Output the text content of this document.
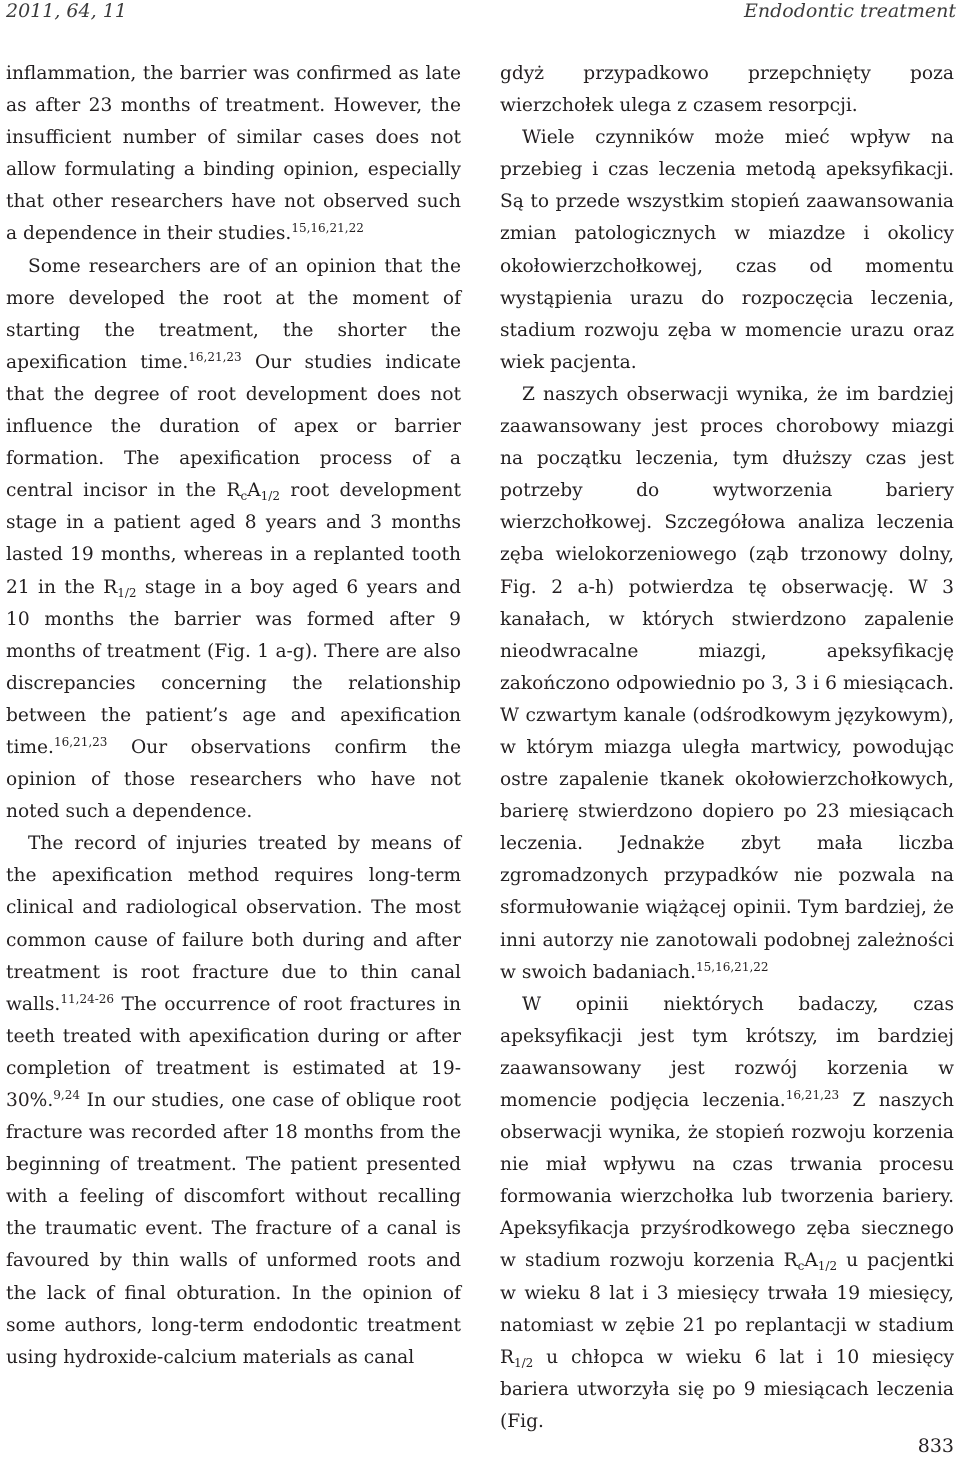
2011, 64, 11	Endodontic treatment

inflammation, the barrier was confirmed as late as after 23 months of treatment. However, the insufficient number of similar cases does not allow formulating a binding opinion, especially that other researchers have not observed such a dependence in their studies.$^{15,16,21,22}$

Some researchers are of an opinion that the more developed the root at the moment of starting the treatment, the shorter the apexification time.$^{16,21,23}$ Our studies indicate that the degree of root development does not influence the duration of apex or barrier formation. The apexification process of a central incisor in the $R_cA_{1/2}$ root development stage in a patient aged 8 years and 3 months lasted 19 months, whereas in a replanted tooth 21 in the $R_{1/2}$ stage in a boy aged 6 years and 10 months the barrier was formed after 9 months of treatment (Fig. 1 a-g). There are also discrepancies concerning the relationship between the patient’s age and apexification time.$^{16,21,23}$ Our observations confirm the opinion of those researchers who have not noted such a dependence.

The record of injuries treated by means of the apexification method requires long-term clinical and radiological observation. The most common cause of failure both during and after treatment is root fracture due to thin canal walls.$^{11,24-26}$ The occurrence of root fractures in teeth treated with apexification during or after completion of treatment is estimated at 19-30%.$^{9,24}$ In our studies, one case of oblique root fracture was recorded after 18 months from the beginning of treatment. The patient presented with a feeling of discomfort without recalling the traumatic event. The fracture of a canal is favoured by thin walls of unformed roots and the lack of final obturation. In the opinion of some authors, long-term endodontic treatment using hydroxide-calcium materials as canal

gdyż przypadkowo przepchnięty poza wierzchołek ulega z czasem resorpcji.

Wiele czynników może mieć wpływ na przebieg i czas leczenia metodą apeksyfikacji. Są to przede wszystkim stopień zaawansowania zmian patologicznych w miazdze i okolicy okołowierzchołkowej, czas od momentu wystąpienia urazu do rozpoczęcia leczenia, stadium rozwoju zęba w momencie urazu oraz wiek pacjenta.

Z naszych obserwacji wynika, że im bardziej zaawansowany jest proces chorobowy miazgi na początku leczenia, tym dłuższy czas jest potrzeby do wytworzenia bariery wierzchołkowej. Szczegółowa analiza leczenia zęba wielokorzeniowego (ząb trzonowy dolny, Fig. 2 a-h) potwierdza tę obserwację. W 3 kanałach, w których stwierdzono zapalenie nieodwracalne miazgi, apeksyfikację zakończono odpowiednio po 3, 3 i 6 miesiącach. W czwartym kanale (odśrodkowym językowym), w którym miazga uległa martwicy, powodując ostre zapalenie tkanek okołowierzchołkowych, barierę stwierdzono dopiero po 23 miesiącach leczenia. Jednakże zbyt mała liczba zgromadzonych przypadków nie pozwala na sformułowanie wiążącej opinii. Tym bardziej, że inni autorzy nie zanotowali podobnej zależności w swoich badaniach.$^{15,16,21,22}$

W opinii niektórych badaczy, czas apeksyfikacji jest tym krótszy, im bardziej zaawansowany jest rozwój korzenia w momencie podjęcia leczenia.$^{16,21,23}$ Z naszych obserwacji wynika, że stopień rozwoju korzenia nie miał wpływu na czas trwania procesu formowania wierzchołka lub tworzenia bariery. Apeksyfikacja przyśrodkowego zęba siecznego w stadium rozwoju korzenia $R_cA_{1/2}$ u pacjentki w wieku 8 lat i 3 miesięcy trwała 19 miesięcy, natomiast w zębie 21 po replantacji w stadium $R_{1/2}$ u chłopca w wieku 6 lat i 10 miesięcy bariera utworzyła się po 9 miesiącach leczenia (Fig.

833
